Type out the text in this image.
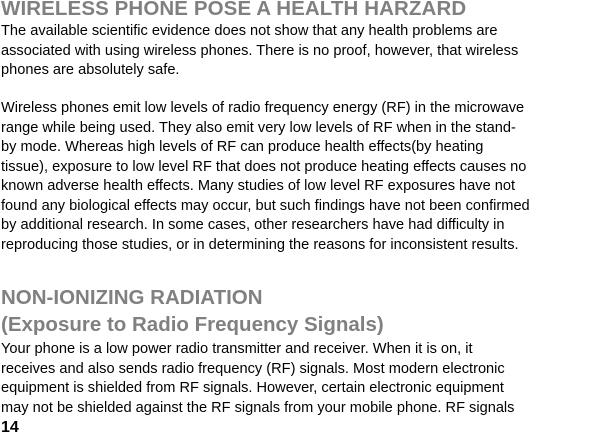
WIRELESS PHONE POSE A HEALTH HARZARD

The available scientific evidence does not show that any health problems are
associated with using wireless phones. There is no proof, however, that wireless
phones are absolutely safe.

Wireless phones emit low levels of radio frequency energy (RF) in the microwave
range while being used. They also emit very low levels of RF when in the stand-
by mode. Whereas high levels of RF can produce health effects(by heating
tissue), exposure to low level RF that does not produce heating effects causes no
known adverse health effects. Many studies of low level RF exposures have not
found any biological effects may occur, but such findings have not been confirmed
by additional research. In some cases, other researchers have had difficulty in
reproducing those studies, or in determining the reasons for inconsistent results.

NON-IONIZING RADIATION
(Exposure to Radio Frequency Signals)

Your phone is a low power radio transmitter and receiver. When it is on, it
receives and also sends radio frequency (RF) signals. Most modern electronic
equipment is shielded from RF signals. However, certain electronic equipment
may not be shielded against the RF signals from your mobile phone. RF signals

14
